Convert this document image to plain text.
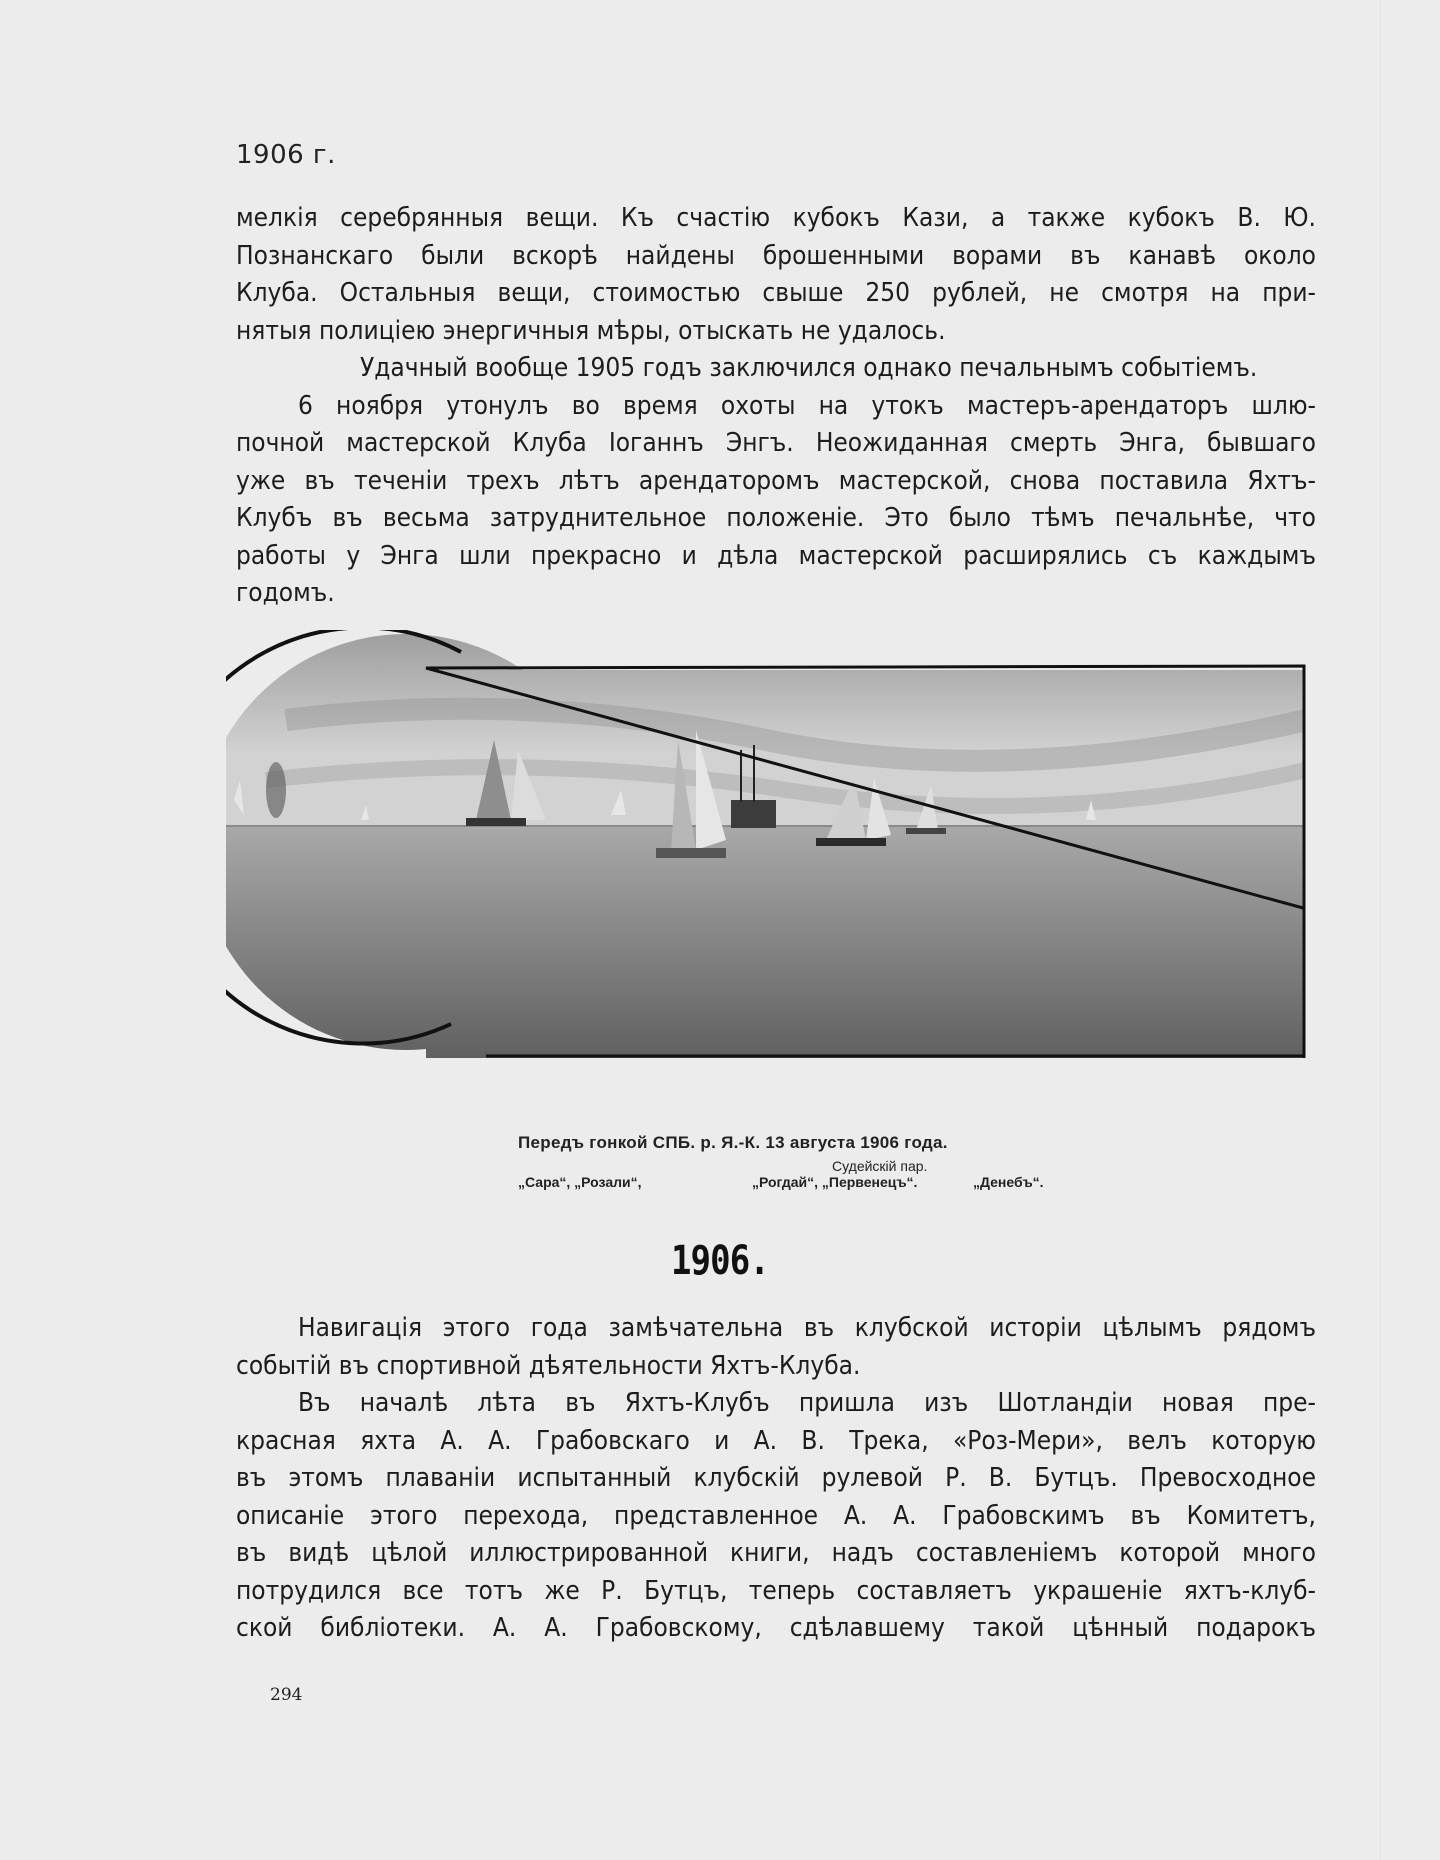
1906 г.

мелкія серебрянныя вещи. Къ счастію кубокъ Кази, а также кубокъ В. Ю.
Познанскаго были вскорѣ найдены брошенными ворами въ канавѣ около
Клуба. Остальныя вещи, стоимостью свыше 250 рублей, не смотря на при-
нятыя полиціею энергичныя мѣры, отыскать не удалось.

Удачный вообще 1905 годъ заключился однако печальнымъ событіемъ.

6 ноября утонулъ во время охоты на утокъ мастеръ-арендаторъ шлю-
почной мастерской Клуба Іоганнъ Энгъ. Неожиданная смерть Энга, бывшаго
уже въ теченіи трехъ лѣтъ арендаторомъ мастерской, снова поставила Яхтъ-
Клубъ въ весьма затруднительное положеніе. Это было тѣмъ печальнѣе, что
работы у Энга шли прекрасно и дѣла мастерской расширялись съ каждымъ
годомъ.

Передъ гонкой СПБ. р. Я.-К. 13 августа 1906 года.
Судейскій пар.
„Сара“, „Розали“,	„Рогдай“, „Первенецъ“.	„Денебъ“.
1906.

Навигація этого года замѣчательна въ клубской исторіи цѣлымъ рядомъ
событій въ спортивной дѣятельности Яхтъ-Клуба.

Въ началѣ лѣта въ Яхтъ-Клубъ пришла изъ Шотландіи новая пре-
красная яхта А. А. Грабовскаго и А. В. Трека, «Роз-Мери», велъ которую
въ этомъ плаваніи испытанный клубскій рулевой Р. В. Бутцъ. Превосходное
описаніе этого перехода, представленное А. А. Грабовскимъ въ Комитетъ,
въ видѣ цѣлой иллюстрированной книги, надъ составленіемъ которой много
потрудился все тотъ же Р. Бутцъ, теперь составляетъ украшеніе яхтъ-клуб-
ской библіотеки. А. А. Грабовскому, сдѣлавшему такой цѣнный подарокъ

294
